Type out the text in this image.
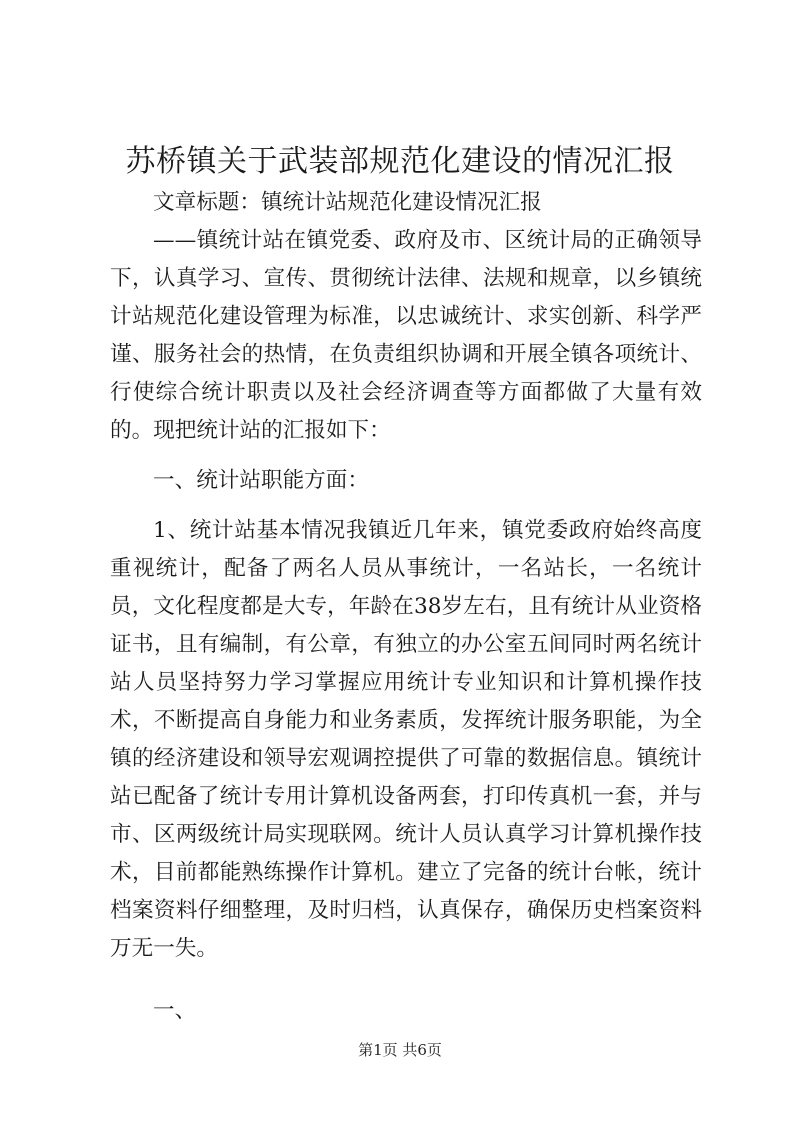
苏桥镇关于武装部规范化建设的情况汇报

文章标题：镇统计站规范化建设情况汇报

——镇统计站在镇党委、政府及市、区统计局的正确领导下，认真学习、宣传、贯彻统计法律、法规和规章，以乡镇统计站规范化建设管理为标准，以忠诚统计、求实创新、科学严谨、服务社会的热情，在负责组织协调和开展全镇各项统计、行使综合统计职责以及社会经济调查等方面都做了大量有效的。现把统计站的汇报如下：

一、统计站职能方面：

1、统计站基本情况我镇近几年来，镇党委政府始终高度重视统计，配备了两名人员从事统计，一名站长，一名统计员，文化程度都是大专，年龄在38岁左右，且有统计从业资格证书，且有编制，有公章，有独立的办公室五间同时两名统计站人员坚持努力学习掌握应用统计专业知识和计算机操作技术，不断提高自身能力和业务素质，发挥统计服务职能，为全镇的经济建设和领导宏观调控提供了可靠的数据信息。镇统计站已配备了统计专用计算机设备两套，打印传真机一套，并与市、区两级统计局实现联网。统计人员认真学习计算机操作技术，目前都能熟练操作计算机。建立了完备的统计台帐，统计档案资料仔细整理，及时归档，认真保存，确保历史档案资料万无一失。

一、

第1页 共6页
